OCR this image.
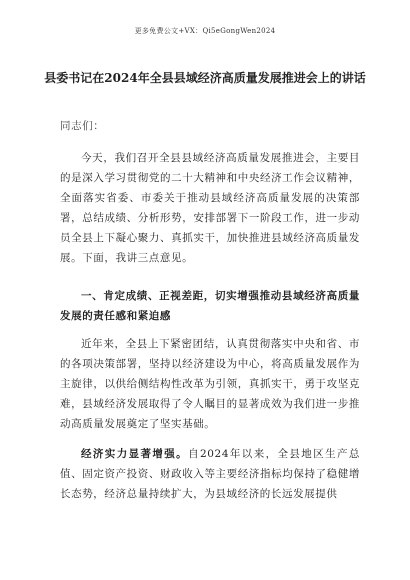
更多免费公文+VX：Qi5eGongWen2024
县委书记在2024年全县县域经济高质量发展推进会上的讲话

同志们：

今天，我们召开全县县域经济高质量发展推进会，主要目的是深入学习贯彻党的二十大精神和中央经济工作会议精神，全面落实省委、市委关于推动县域经济高质量发展的决策部署，总结成绩、分析形势，安排部署下一阶段工作，进一步动员全县上下凝心聚力、真抓实干，加快推进县域经济高质量发展。下面，我讲三点意见。

一、肯定成绩、正视差距，切实增强推动县域经济高质量发展的责任感和紧迫感

近年来，全县上下紧密团结，认真贯彻落实中央和省、市的各项决策部署，坚持以经济建设为中心，将高质量发展作为主旋律，以供给侧结构性改革为引领，真抓实干，勇于攻坚克难，县域经济发展取得了令人瞩目的显著成效为我们进一步推动高质量发展奠定了坚实基础。

经济实力显著增强。自2024年以来，全县地区生产总值、固定资产投资、财政收入等主要经济指标均保持了稳健增长态势，经济总量持续扩大，为县域经济的长远发展提供
